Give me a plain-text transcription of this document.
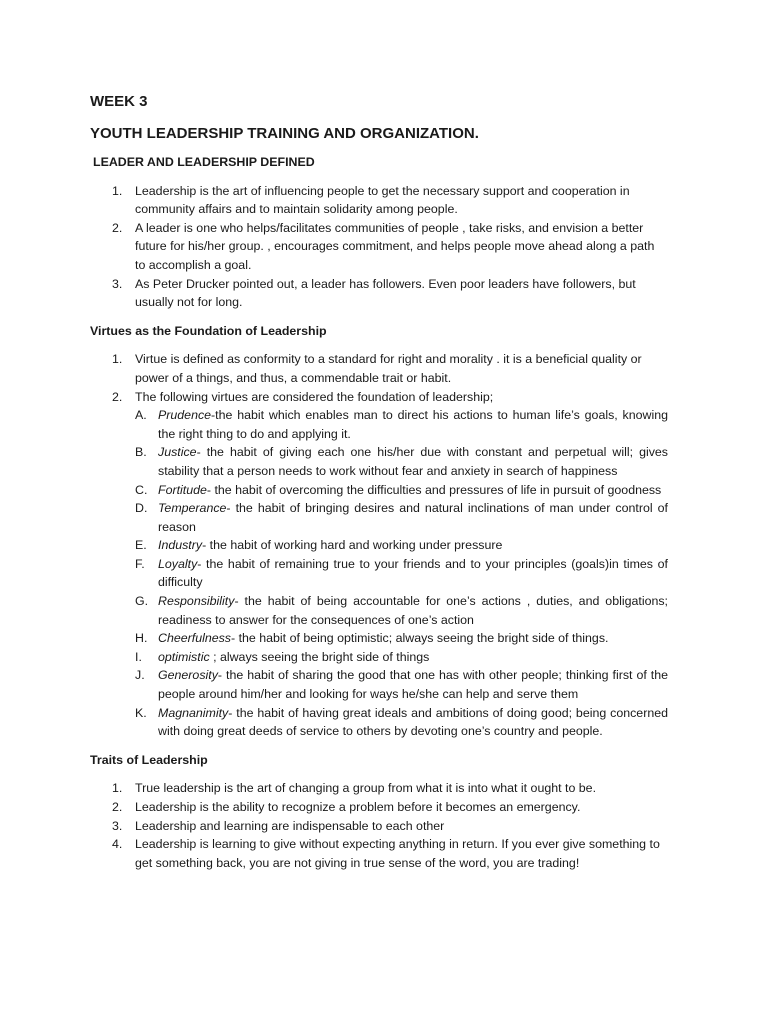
WEEK 3
YOUTH LEADERSHIP TRAINING AND ORGANIZATION.
LEADER AND LEADERSHIP DEFINED
1. Leadership is the art of influencing people to get the necessary support and cooperation in community affairs and to maintain solidarity among people.
2. A leader is one who helps/facilitates communities of people , take risks, and envision a better future for his/her group. , encourages commitment, and helps people move ahead along a path to accomplish a goal.
3. As Peter Drucker pointed out, a leader has followers. Even poor leaders have followers, but usually not for long.
Virtues as the Foundation of Leadership
1. Virtue is defined as conformity to a standard for right and morality . it is a beneficial quality or power of a things, and thus, a commendable trait or habit.
2. The following virtues are considered the foundation of leadership;
A. Prudence-the habit which enables man to direct his actions to human life’s goals, knowing the right thing to do and applying it.
B. Justice- the habit of giving each one his/her due with constant and perpetual will; gives stability that a person needs to work without fear and anxiety in search of happiness
C. Fortitude- the habit of overcoming the difficulties and pressures of life in pursuit of goodness
D. Temperance- the habit of bringing desires and natural inclinations of man under control of reason
E. Industry- the habit of working hard and working under pressure
F. Loyalty- the habit of remaining true to your friends and to your principles (goals)in times of difficulty
G. Responsibility- the habit of being accountable for one’s actions , duties, and obligations; readiness to answer for the consequences of one’s action
H. Cheerfulness- the habit of being optimistic; always seeing the bright side of things.
I. optimistic ; always seeing the bright side of things
J. Generosity- the habit of sharing the good that one has with other people; thinking first of the people around him/her and looking for ways he/she can help and serve them
K. Magnanimity- the habit of having great ideals and ambitions of doing good; being concerned with doing great deeds of service to others by devoting one’s country and people.
Traits of Leadership
1. True leadership is the art of changing a group from what it is into what it ought to be.
2. Leadership is the ability to recognize a problem before it becomes an emergency.
3. Leadership and learning are indispensable to each other
4. Leadership is learning to give without expecting anything in return. If you ever give something to get something back, you are not giving in true sense of the word, you are trading!
